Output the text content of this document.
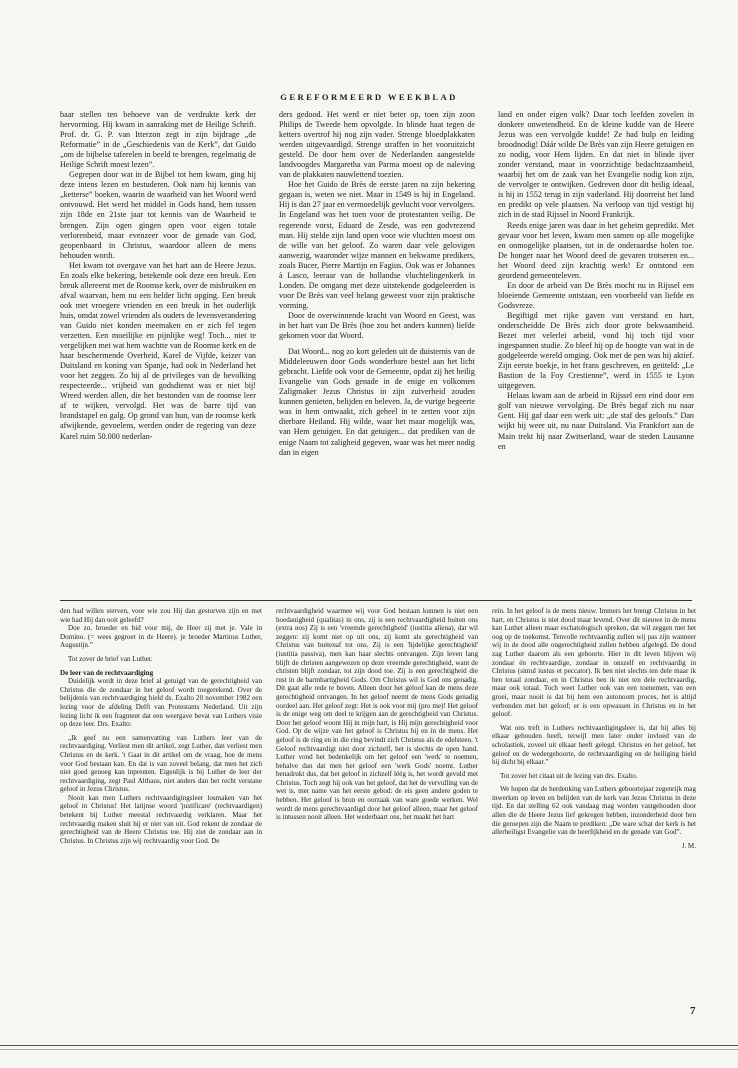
GEREFORMEERD WEEKBLAD

baar stellen ten behoeve van de verdrukte kerk der hervorming. Hij kwam in aanraking met de Heilige Schrift. Prof. dr. G. P. van Itterzon zegt in zijn bijdrage „de Reformatie” in de „Geschiedenis van de Kerk”, dat Guido „om de bijbelse taferelen in beeld te brengen, regelmatig de Heilige Schrift moest lezen”.

Gegrepen door wat in de Bijbel tot hem kwam, ging hij deze intens lezen en bestuderen. Ook nam hij kennis van „ketterse” boeken, waarin de waarheid van het Woord werd ontvouwd. Het werd het middel in Gods hand, hem tussen zijn 18de en 21ste jaar tot kennis van de Waarheid te brengen. Zijn ogen gingen open voor eigen totale verlorenheid, maar evenzeer voor de genade van God, geopenbaard in Christus, waardoor alleen de mens behouden wordt.

Het kwam tot overgave van het hart aan de Heere Jezus. En zoals elke bekering, betekende ook deze een breuk. Een breuk allereerst met de Roomse kerk, over de misbruiken en afval waarvan, hem nu een helder licht opging. Een breuk ook met vroegere vrienden en een breuk in het ouderlijk huis, omdat zowel vrienden als ouders de levensverandering van Guido niet konden meemaken en er zich fel tegen verzetten. Een moeilijke en pijnlijke weg! Toch... niet te vergelijken met wat hem wachtte van de Roomse kerk en de haar beschermende Overheid, Karel de Vijfde, keizer van Duitsland en koning van Spanje, had ook in Nederland het voor het zeggen. Zo hij al de privileges van de bevolking respecteerde... vrijheid van godsdienst was er niet bij! Wreed werden allen, die het bestonden van de roomse leer af te wijken, vervolgd. Het was de barre tijd van brandstapel en galg. Op grond van hun, van de roomse kerk afwijkende, gevoelens, werden onder de regering van deze Karel ruim 50.000 nederlan-

ders gedood. Het werd er niet beter op, toen zijn zoon Philips de Tweede hem opvolgde. In blinde haat tegen de ketters overtrof hij nog zijn vader. Strenge bloedplakkaten werden uitgevaardigd. Strenge straffen in het vooruitzicht gesteld. De door hem over de Nederlanden aangestelde landvoogdes Margaretha van Parma moest op de naleving van de plakkaten nauwlettend toezien.

Hoe het Guido de Brès de eerste jaren na zijn bekering gegaan is, weten we niet. Maar in 1549 is hij in Engeland. Hij is dan 27 jaar en vermoedelijk gevlucht voor vervolgers. In Engeland was het toen voor de protestanten veilig. De regerende vorst, Eduard de Zesde, was een godvrezend man. Hij stelde zijn land open voor wie vluchten moest om de wille van het geloof. Zo waren daar vele gelovigen aanwezig, waaronder wijze mannen en bekwame predikers, zoals Bucer, Pierre Martijn en Fagius. Ook was er Johannes à Lasco, leeraar van de hollandse vluchtelingenkerk in Londen. De omgang met deze uitstekende godgeleerden is voor De Brès van veel belang geweest voor zijn praktische vorming.

Door de overwinnende kracht van Woord en Geest, was in het hart van De Brès (hoe zou het anders kunnen) liefde gekomen voor dat Woord.

Dat Woord... nog zo kort geleden uit de duisternis van de Middeleeuwen door Gods wonderbare bestel aan het licht gebracht. Liefde ook voor de Gemeente, opdat zij het heilig Evangelie van Gods genade in de enige en volkomen Zaligmaker Jezus Christus in zijn zuiverheid zouden kunnen genieten, belijden en beleven. Ja, de vurige begeerte was in hem ontwaakt, zich geheel in te zetten voor zijn dierbare Heiland. Hij wilde, waar het maar mogelijk was, van Hem getuigen. En dat getuigen... dat prediken van de enige Naam tot zaligheid gegeven, waar was het meer nodig dan in eigen

land en onder eigen volk? Daar toch leefden zovelen in donkere onwetendheid. En de kleine kudde van de Heere Jezus was een vervolgde kudde! Ze had hulp en leiding broodnodig! Dáár wilde De Brès van zijn Heere getuigen en zo nodig, voor Hem lijden. En dat niet in blinde ijver zonder verstand, maar in voorzichtige bedachtzaamheid, waarbij het om de zaak van het Evangelie nodig kon zijn, de vervolger te ontwijken. Gedreven door dit heilig ideaal, is hij in 1552 terug in zijn vaderland. Hij doorreist het land en predikt op vele plaatsen. Na verloop van tijd vestigt hij zich in de stad Rijssel in Noord Frankrijk.

Reeds enige jaren was daar in het geheim gepredikt. Met gevaar voor het leven, kwam men samen op alle mogelijke en onmogelijke plaatsen, tot in de onderaardse holen toe. De honger naar het Woord deed de gevaren trotseren en... het Woord deed zijn krachtig werk! Er ontstond een geordend gemeenteleven.

En door de arbeid van De Brès mocht nu in Rijssel een bloeiende Gemeente ontstaan, een voorbeeld van liefde en Godsvreze.

Begiftigd met rijke gaven van verstand en hart, onderscheidde De Brès zich door grote bekwaamheid. Bezet met velerlei arbeid, vond hij toch tijd voor ingespannen studie. Zo bleef hij op de hoogte van wat in de godgeleerde wereld omging. Ook met de pen was hij aktief. Zijn eerste boekje, in het frans geschreven, en getiteld: „Le Bastion de la Foy Crestienne”, werd in 1555 te Lyon uitgegeven.

Helaas kwam aan de arbeid in Rijssel een eind door een golf van nieuwe vervolging. De Brès begaf zich nu naar Gent. Hij gaf daar een werk uit: „de staf des geloofs.” Dan wijkt hij weer uit, nu naar Duitsland. Via Frankfort aan de Main trekt hij naar Zwitserland, waar de steden Lausanne en

den had willen sterven, voor wie zou Hij dan gestorven zijn en met wie had Hij dan ooit geleefd?

Doe zo, broeder en bid voor mij, de Heer zij met je. Vale in Domino. (= wees gegroet in de Heere). je broeder Martinus Luther, Augustijn.”

Tot zover de brief van Luther.

De leer van de rechtvaardiging

Duidelijk wordt in deze brief al getuigd van de gerechtigheid van Christus die de zondaar in het geloof wordt toegerekend. Over de belijdenis van rechtvaardiging hield ds. Exalto 20 november 1982 een lezing voor de afdeling Delft van Protestants Nederland. Uit zijn lezing licht ik een fragment dat een weergave bevat van Luthers visie op deze leer. Drs. Exalto:

„Ik geef nu een samenvatting van Luthers leer van de rechtvaardiging. Verliest men dit artikel, zegt Luther, dan verliest men Christus en de kerk. 't Gaat in dit artikel om de vraag, hoe de mens voor God bestaan kan. En dat is van zoveel belang, dat men het zich niet goed genoeg kan inprenten. Eigenlijk is bij Luther de leer der rechtvaardiging, zegt Paul Althaus, niet anders dan het recht verstane geloof in Jezus Christus.

Nooit kan men Luthers rechtvaardigingsleer losmaken van het geloof in Christus! Het latijnse woord 'justificare' (rechtvaardigen) betekent bij Luther meestal rechtvaardig verklaren. Maar het rechtvaardig maken sluit hij er niet van uit. God rekent de zondaar de gerechtigheid van de Heere Christus toe. Hij ziet de zondaar aan in Christus. In Christus zijn wij rechtvaardig voor God. De

rechtvaardigheid waarmee wij voor God bestaan kunnen is niet een hoedanigheid (qualitas) in ons, zij is een rechtvaardigheid buiten ons (extra nos) Zij is een 'vreemde gerechtigheid' (iustitia aliena), dat wil zeggen: zij komt niet op uit ons, zij komt als gerechtigheid van Christus van buitenaf tot ons. Zij is een 'lijdelijke gerechtigheid' (iustitia passiva), men kan haar slechts ontvangen. Zijn leven lang blijft de christen aangewezen op deze vreemde gerechtigheid, want de christen blijft zondaar, tot zijn dood toe. Zij is een gerechtigheid die rust in de barmhartigheid Gods. Om Christus wil is God ons genadig. Dit gaat alle rede te boven. Alleen door het geloof kan de mens deze gerechtigheid ontvangen. In het geloof neemt de mens Gods genadig oordeel aan. Het geloof zegt: Het is ook voor mij (pro me)! Het geloof is de enige weg om deel te krijgen aan de gerechtigheid van Christus. Door het geloof woont Hij in mijn hart, is Hij mijn gerechtigheid voor God. Op de wijze van het geloof is Christus bij en in de mens. Het geloof is de ring en in die ring bevindt zich Christus als de edelsteen. 't Geloof rechtvaardigt niet door zichzelf, het is slechts de open hand. Luther vond het bedenkelijk om het geloof een 'werk' te noemen, behalve dan dat men het geloof een 'werk Gods' noemt. Luther benadrukt dus, dat het geloof in zichzelf léég is, het wordt gevuld met Christus. Toch zegt hij ook van het geloof, dat het de vervulling van de wet is, met name van het eerste gebod: de eis geen andere goden te hebben. Het geloof is bron en oorzaak van ware goede werken. Wel wordt de mens gerechtvaardigd door het geloof alleen, maar het geloof is intussen nooit alleen. Het wederbaart ons, het maakt het hart

rein. In het geloof is de mens nieuw. Immers het brengt Christus in het hart, en Christus is niet dood maar levend. Over dit nieuwe in de mens kan Luther alleen maar eschatologisch spreken, dat wil zeggen met het oog op de toekomst. Tenvolle rechtvaardig zullen wij pas zijn wanneer wij in de dood alle ongerechtigheid zullen hebben afgelegd. De dood zag Luther daarom als een geboorte. Hier in dit leven blijven wij zondaar én rechtvaardige, zondaar in onszelf en rechtvaardig in Christus (simul iustus et peccator). Ik ben niet slechts ten dele maar ik ben totaal zondaar, en in Christus ben ik niet ten dele rechtvaardig, maar ook totaal. Toch weet Luther ook van een toenemen, van een groei, maar nooit is dat bij hem een autonoom proces, het is altijd verbonden met het geloof; er is een opwassen in Christus en in het geloof.

Wat ons treft in Luthers rechtvaardigingsleer is, dat hij alles bij elkaar gehouden heeft, terwijl men later onder invloed van de scholastiek, zoveel uit elkaar heeft gelegd. Christus en het geloof, het geloof en de wedergeboorte, de rechtvaardiging en de heiliging hield hij dicht bij elkaar.”

Tot zover het citaat uit de lezing van drs. Exalto.

We hopen dat de herdenking van Luthers geboortejaar zegenrijk mag inwerken op leven en belijden van de kerk van Jezus Christus in deze tijd. En dat stelling 62 ook vandaag mag worden vastgehouden door allen die de Heere Jezus lief gekregen hebben, inzonderheid door hen die geroepen zijn die Naam te prediken: „De ware schat der kerk is het allerheiligst Evangelie van de heerlijkheid en de genade van God”.

J. M.
7
